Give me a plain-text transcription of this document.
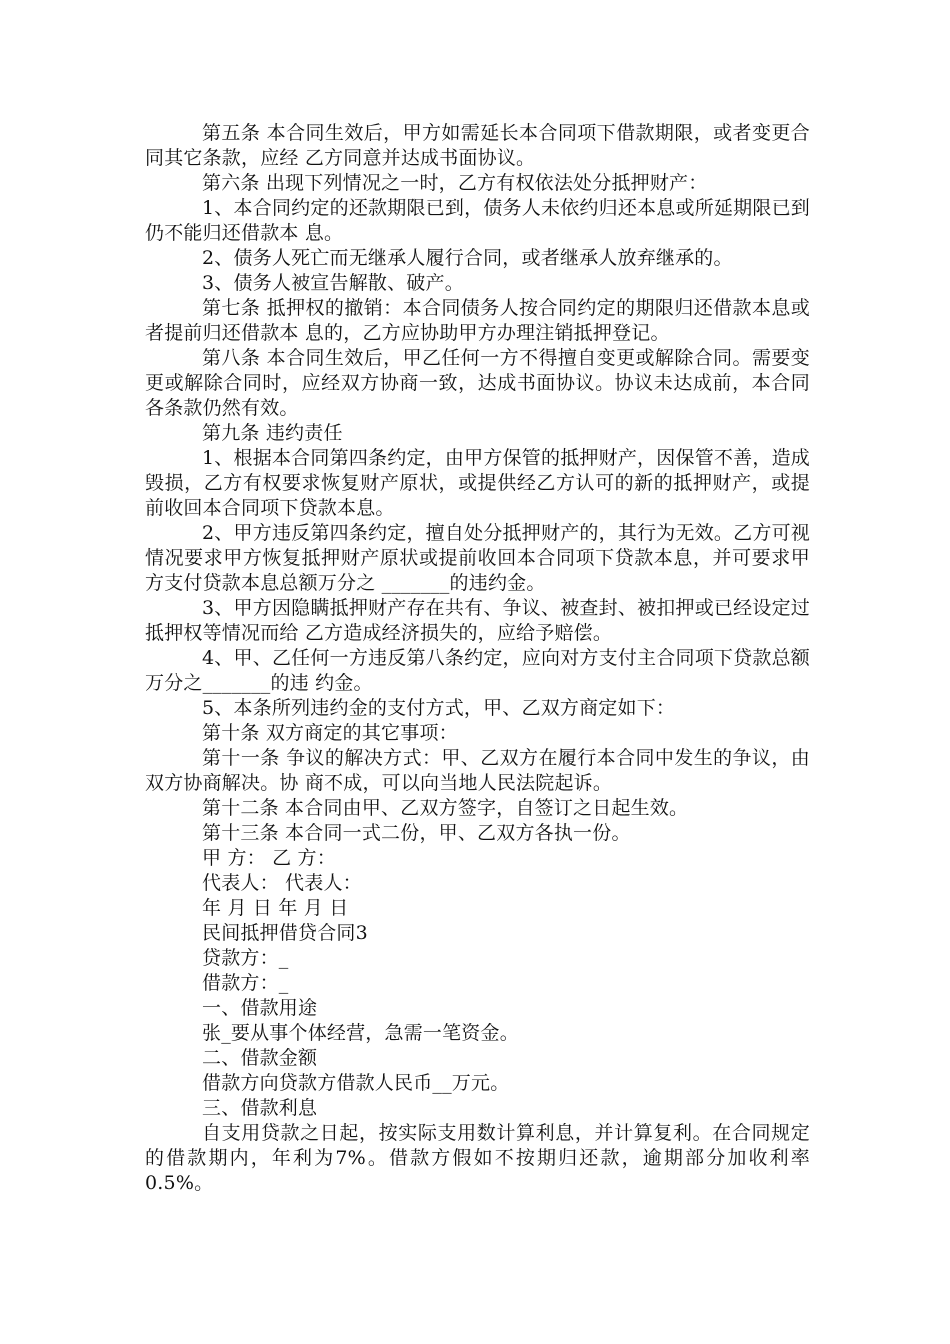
第五条 本合同生效后，甲方如需延长本合同项下借款期限，或者变更合同其它条款，应经 乙方同意并达成书面协议。

第六条 出现下列情况之一时，乙方有权依法处分抵押财产：

1、本合同约定的还款期限已到，债务人未依约归还本息或所延期限已到仍不能归还借款本 息。

2、债务人死亡而无继承人履行合同，或者继承人放弃继承的。

3、债务人被宣告解散、破产。

第七条 抵押权的撤销：本合同债务人按合同约定的期限归还借款本息或者提前归还借款本 息的，乙方应协助甲方办理注销抵押登记。

第八条 本合同生效后，甲乙任何一方不得擅自变更或解除合同。需要变更或解除合同时，应经双方协商一致，达成书面协议。协议未达成前，本合同各条款仍然有效。

第九条 违约责任

1、根据本合同第四条约定，由甲方保管的抵押财产，因保管不善，造成毁损，乙方有权要求恢复财产原状，或提供经乙方认可的新的抵押财产，或提前收回本合同项下贷款本息。

2、甲方违反第四条约定，擅自处分抵押财产的，其行为无效。乙方可视情况要求甲方恢复抵押财产原状或提前收回本合同项下贷款本息，并可要求甲方支付贷款本息总额万分之 _______的违约金。

3、甲方因隐瞒抵押财产存在共有、争议、被查封、被扣押或已经设定过抵押权等情况而给 乙方造成经济损失的，应给予赔偿。

4、甲、乙任何一方违反第八条约定，应向对方支付主合同项下贷款总额万分之_______的违 约金。

5、本条所列违约金的支付方式，甲、乙双方商定如下：

第十条 双方商定的其它事项：

第十一条 争议的解决方式：甲、乙双方在履行本合同中发生的争议，由双方协商解决。协 商不成，可以向当地人民法院起诉。

第十二条 本合同由甲、乙双方签字，自签订之日起生效。

第十三条 本合同一式二份，甲、乙双方各执一份。

甲 方： 乙 方：

代表人： 代表人：

年 月 日 年 月 日

民间抵押借贷合同3

贷款方：_

借款方：_

一、借款用途

张_要从事个体经营，急需一笔资金。

二、借款金额

借款方向贷款方借款人民币__万元。

三、借款利息

自支用贷款之日起，按实际支用数计算利息，并计算复利。在合同规定的借款期内，年利为7%。借款方假如不按期归还款，逾期部分加收利率0.5%。
